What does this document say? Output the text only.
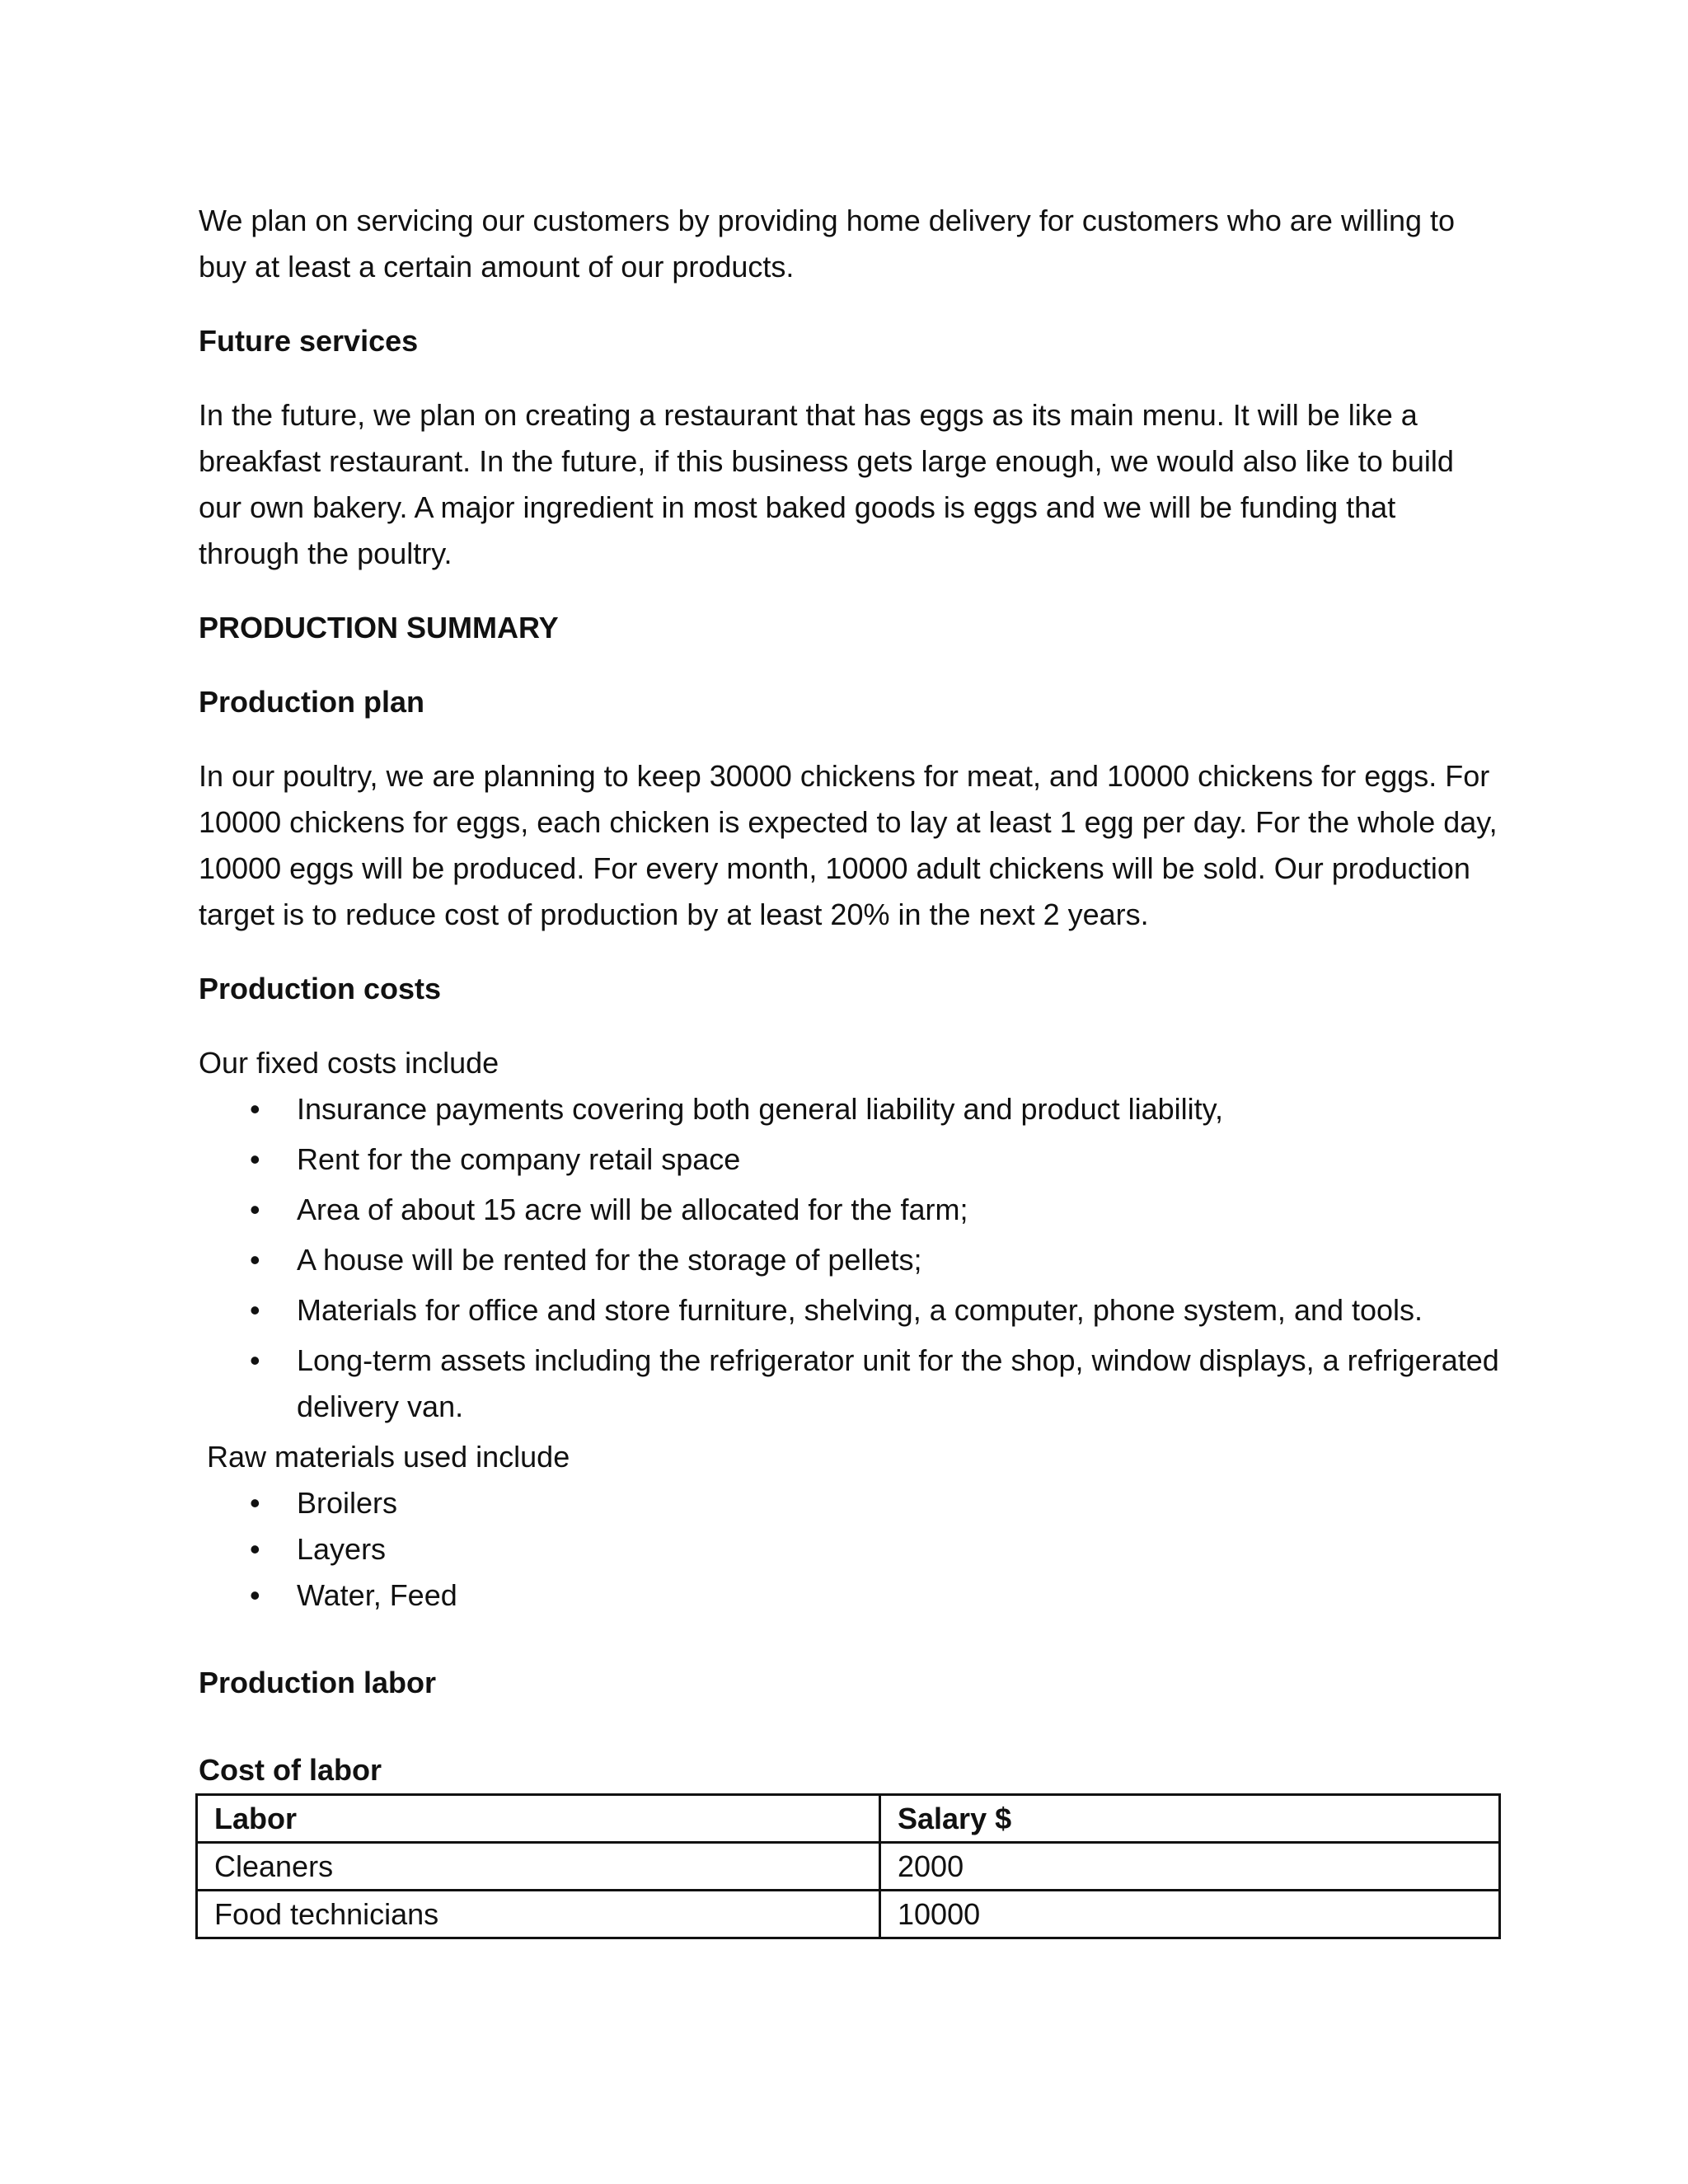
We plan on servicing our customers by providing home delivery for customers who are willing to buy at least a certain amount of our products.

Future services

In the future, we plan on creating a restaurant that has eggs as its main menu. It will be like a breakfast restaurant. In the future, if this business gets large enough, we would also like to build our own bakery. A major ingredient in most baked goods is eggs and we will be funding that through the poultry.

PRODUCTION SUMMARY

Production plan

In our poultry, we are planning to keep 30000 chickens for meat, and 10000 chickens for eggs. For 10000 chickens for eggs, each chicken is expected to lay at least 1 egg per day. For the whole day, 10000 eggs will be produced. For every month, 10000 adult chickens will be sold. Our production target is to reduce cost of production by at least 20% in the next 2 years.

Production costs

Our fixed costs include

• Insurance payments covering both general liability and product liability,
• Rent for the company retail space
• Area of about 15 acre will be allocated for the farm;
• A house will be rented for the storage of pellets;
• Materials for office and store furniture, shelving, a computer, phone system, and tools.
• Long-term assets including the refrigerator unit for the shop, window displays, a refrigerated delivery van.

Raw materials used include

• Broilers
• Layers
• Water, Feed

Production labor

Cost of labor

Labor	Salary $
Cleaners	2000
Food technicians	10000
